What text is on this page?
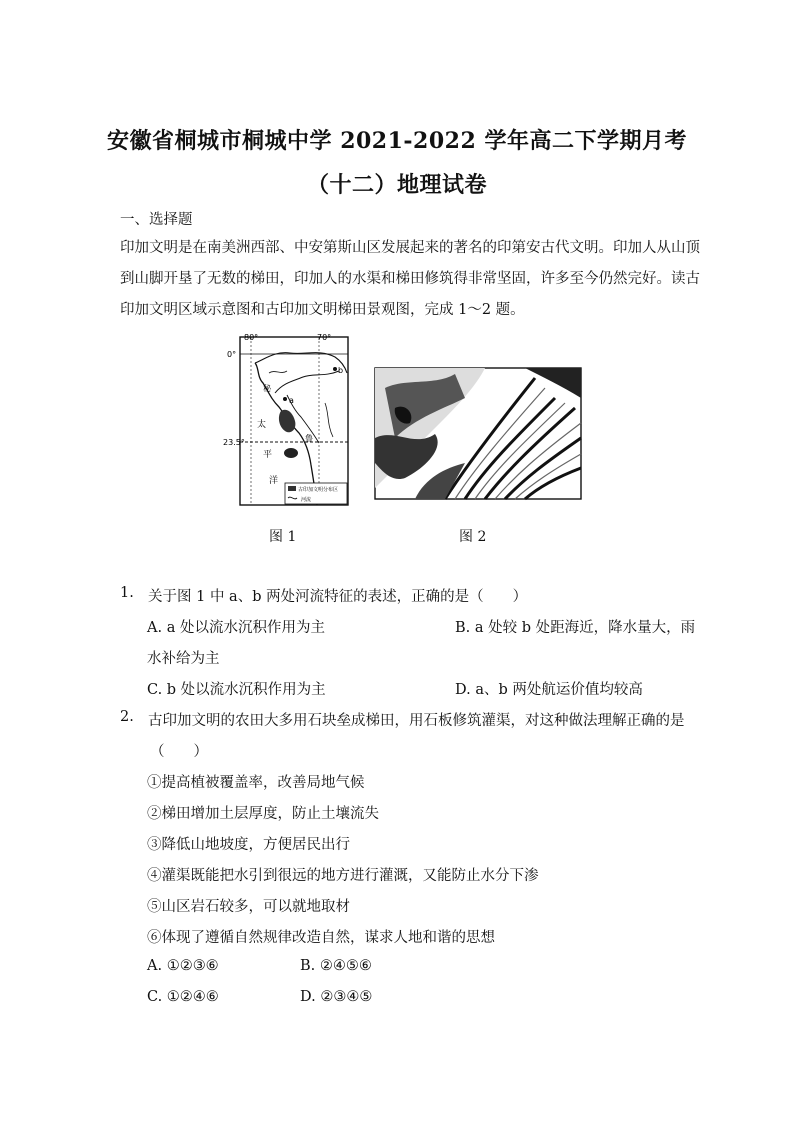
安徽省桐城市桐城中学 2021-2022 学年高二下学期月考
（十二）地理试卷
一、选择题
印加文明是在南美洲西部、中安第斯山区发展起来的著名的印第安古代文明。印加人从山顶
到山脚开垦了无数的梯田，印加人的水渠和梯田修筑得非常坚固，许多至今仍然完好。读古
印加文明区域示意图和古印加文明梯田景观图，完成 1～2 题。
80°	70°
0°
23.5°
a
b
秘
鲁
太
平
洋
古印加文明分布区
河流
图 1	图 2
1. 关于图 1 中 a、b 两处河流特征的表述，正确的是（　　）
A. a 处以流水沉积作用为主	B. a 处较 b 处距海近，降水量大，雨
水补给为主
C. b 处以流水沉积作用为主	D. a、b 两处航运价值均较高
2. 古印加文明的农田大多用石块垒成梯田，用石板修筑灌渠，对这种做法理解正确的是
（　　）
①提高植被覆盖率，改善局地气候
②梯田增加土层厚度，防止土壤流失
③降低山地坡度，方便居民出行
④灌渠既能把水引到很远的地方进行灌溉，又能防止水分下渗
⑤山区岩石较多，可以就地取材
⑥体现了遵循自然规律改造自然，谋求人地和谐的思想
A. ①②③⑥	B. ②④⑤⑥
C. ①②④⑥	D. ②③④⑤
